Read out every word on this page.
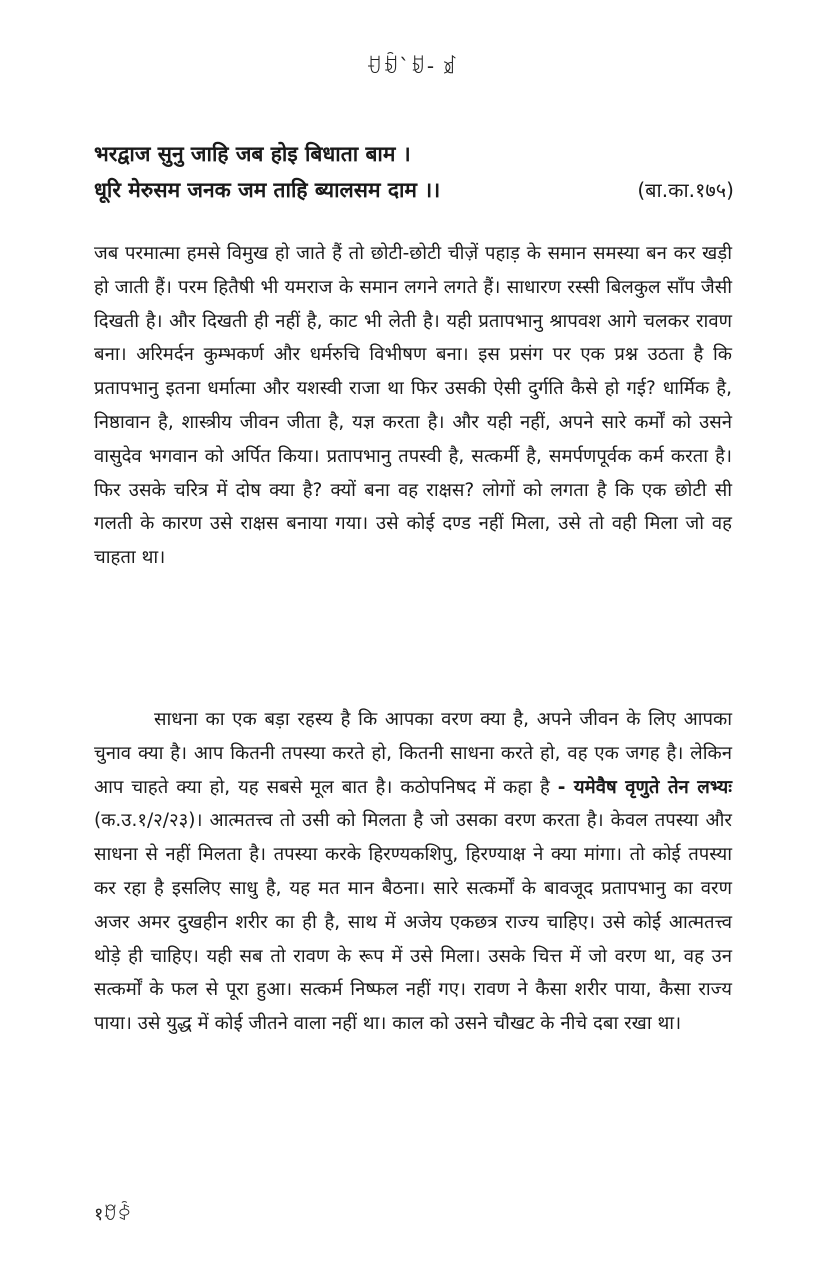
ꀀꀁ`ꀂ- ꀃ
भरद्वाज सुनु जाहि जब होइ बिधाता बाम ।
धूरि मेरुसम जनक जम ताहि ब्यालसम दाम ।।	(बा.का.१७५)

जब परमात्मा हमसे विमुख हो जाते हैं तो छोटी-छोटी चीज़ें पहाड़ के समान समस्या बन कर खड़ी हो जाती हैं। परम हितैषी भी यमराज के समान लगने लगते हैं। साधारण रस्सी बिलकुल साँप जैसी दिखती है। और दिखती ही नहीं है, काट भी लेती है। यही प्रतापभानु श्रापवश आगे चलकर रावण बना। अरिमर्दन कुम्भकर्ण और धर्मरुचि विभीषण बना। इस प्रसंग पर एक प्रश्न उठता है कि प्रतापभानु इतना धर्मात्मा और यशस्वी राजा था फिर उसकी ऐसी दुर्गति कैसे हो गई? धार्मिक है, निष्ठावान है, शास्त्रीय जीवन जीता है, यज्ञ करता है। और यही नहीं, अपने सारे कर्मों को उसने वासुदेव भगवान को अर्पित किया। प्रतापभानु तपस्वी है, सत्कर्मी है, समर्पणपूर्वक कर्म करता है। फिर उसके चरित्र में दोष क्या है? क्यों बना वह राक्षस? लोगों को लगता है कि एक छोटी सी गलती के कारण उसे राक्षस बनाया गया। उसे कोई दण्ड नहीं मिला, उसे तो वही मिला जो वह चाहता था।

साधना का एक बड़ा रहस्य है कि आपका वरण क्या है, अपने जीवन के लिए आपका चुनाव क्या है। आप कितनी तपस्या करते हो, कितनी साधना करते हो, वह एक जगह है। लेकिन आप चाहते क्या हो, यह सबसे मूल बात है। कठोपनिषद में कहा है - यमेवैष वृणुते तेन लभ्यः (क.उ.१/२/२३)। आत्मतत्त्व तो उसी को मिलता है जो उसका वरण करता है। केवल तपस्या और साधना से नहीं मिलता है। तपस्या करके हिरण्यकशिपु, हिरण्याक्ष ने क्या मांगा। तो कोई तपस्या कर रहा है इसलिए साधु है, यह मत मान बैठना। सारे सत्कर्मों के बावजूद प्रतापभानु का वरण अजर अमर दुखहीन शरीर का ही है, साथ में अजेय एकछत्र राज्य चाहिए। उसे कोई आत्मतत्त्व थोड़े ही चाहिए। यही सब तो रावण के रूप में उसे मिला। उसके चित्त में जो वरण था, वह उन सत्कर्मों के फल से पूरा हुआ। सत्कर्म निष्फल नहीं गए। रावण ने कैसा शरीर पाया, कैसा राज्य पाया। उसे युद्ध में कोई जीतने वाला नहीं था। काल को उसने चौखट के नीचे दबा रखा था।

१ꀄꀅ
